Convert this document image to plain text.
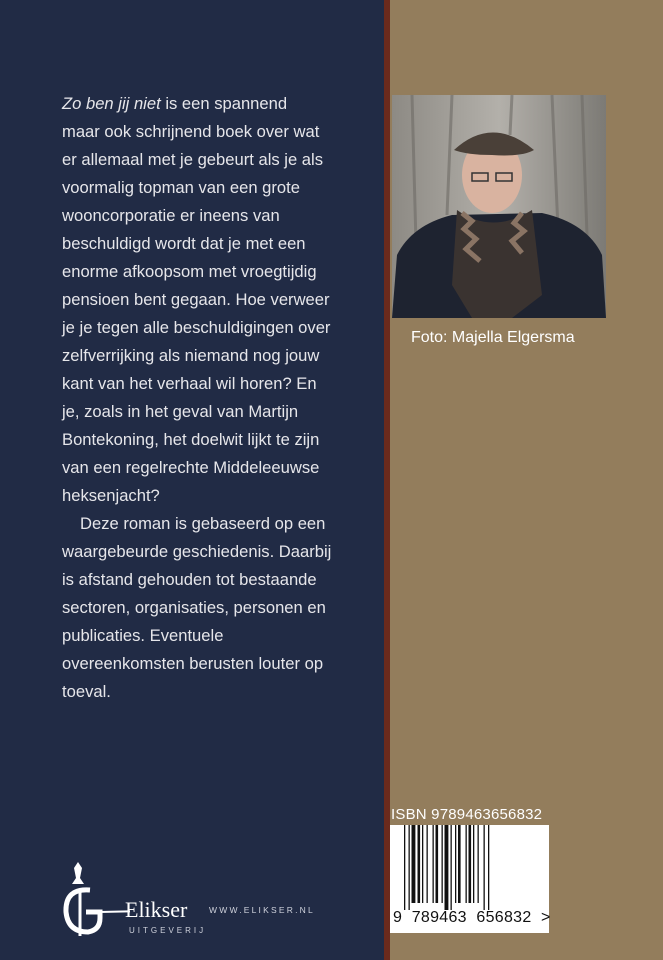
Zo ben jij niet is een spannend
maar ook schrijnend boek over wat
er allemaal met je gebeurt als je als
voormalig topman van een grote
wooncorporatie er ineens van
beschuldigd wordt dat je met een
enorme afkoopsom met vroegtijdig
pensioen bent gegaan. Hoe verweer
je je tegen alle beschuldigingen over
zelfverrijking als niemand nog jouw
kant van het verhaal wil horen? En
je, zoals in het geval van Martijn
Bontekoning, het doelwit lijkt te zijn
van een regelrechte Middeleeuwse
heksenjacht?
Deze roman is gebaseerd op een
waargebeurde geschiedenis. Daarbij
is afstand gehouden tot bestaande
sectoren, organisaties, personen en
publicaties. Eventuele
overeenkomsten berusten louter op
toeval.
Foto: Majella Elgersma
ISBN 9789463656832
9  789463  656832  >
Elikser
UITGEVERIJ
WWW.ELIKSER.NL
